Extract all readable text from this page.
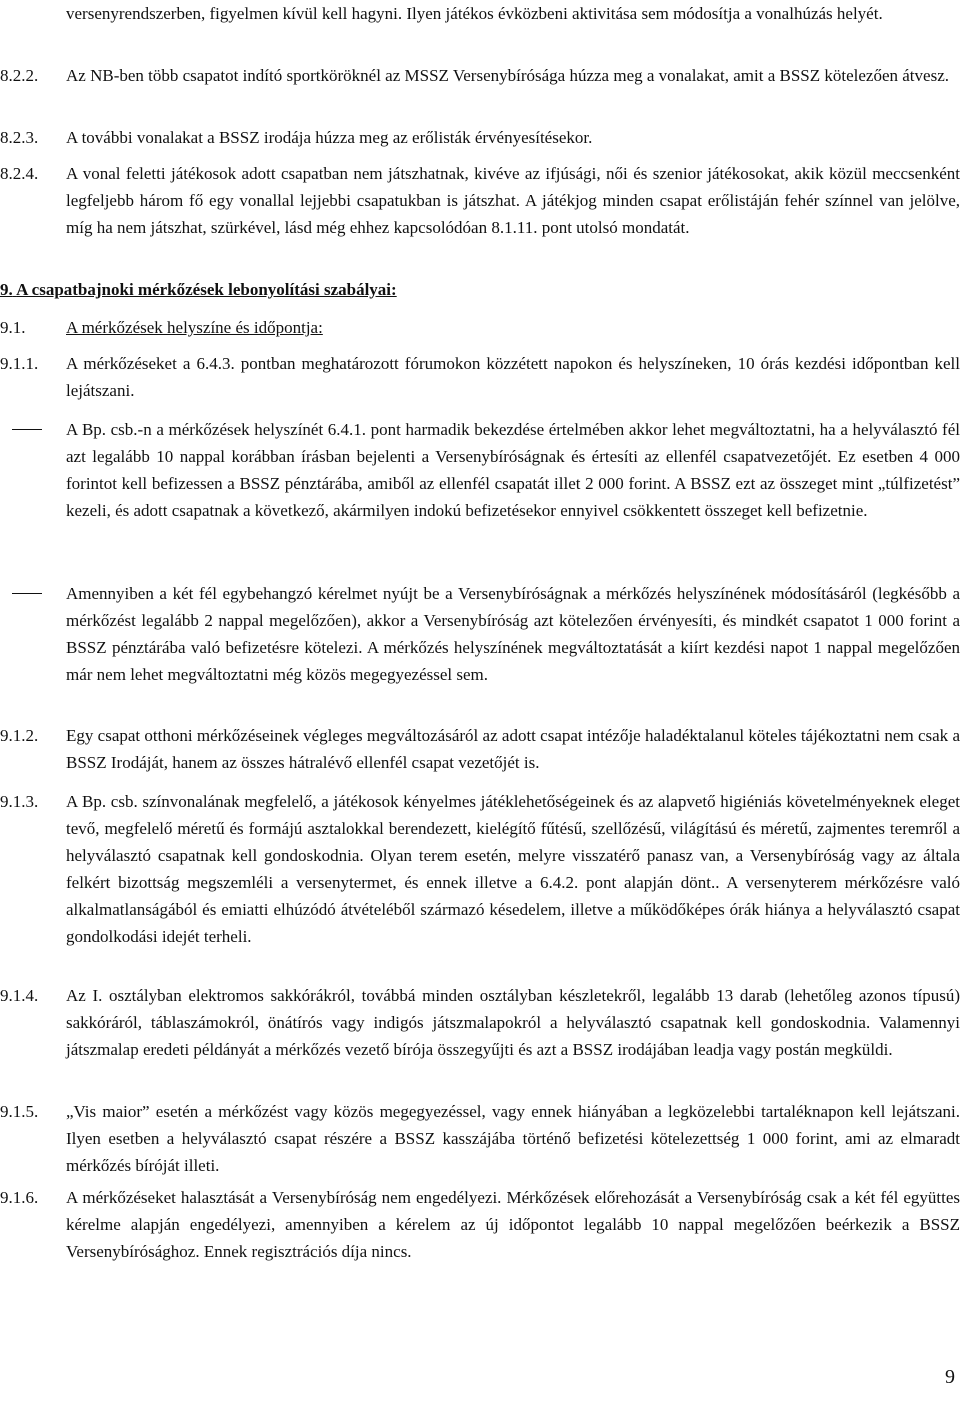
versenyrendszerben, figyelmen kívül kell hagyni. Ilyen játékos évközbeni aktivitása sem módosítja a vonalhúzás helyét.
8.2.2. Az NB-ben több csapatot indító sportköröknél az MSSZ Versenybírósága húzza meg a vonalakat, amit a BSSZ kötelezően átvesz.
8.2.3. A további vonalakat a BSSZ irodája húzza meg az erőlisták érvényesítésekor.
8.2.4. A vonal feletti játékosok adott csapatban nem játszhatnak, kivéve az ifjúsági, női és szenior játékosokat, akik közül meccsenként legfeljebb három fő egy vonallal lejjebbi csapatukban is játszhat. A játékjog minden csapat erőlistáján fehér színnel van jelölve, míg ha nem játszhat, szürkével, lásd még ehhez kapcsolódóan 8.1.11. pont utolsó mondatát.
9. A csapatbajnoki mérkőzések lebonyolítási szabályai:
9.1. A mérkőzések helyszíne és időpontja:
9.1.1. A mérkőzéseket a 6.4.3. pontban meghatározott fórumokon közzétett napokon és helyszíneken, 10 órás kezdési időpontban kell lejátszani.
A Bp. csb.-n a mérkőzések helyszínét 6.4.1. pont harmadik bekezdése értelmében akkor lehet megváltoztatni, ha a helyválasztó fél azt legalább 10 nappal korábban írásban bejelenti a Versenybíróságnak és értesíti az ellenfél csapatvezetőjét. Ez esetben 4 000 forintot kell befizessen a BSSZ pénztárába, amiből az ellenfél csapatát illet 2 000 forint. A BSSZ ezt az összeget mint „túlfizetést” kezeli, és adott csapatnak a következő, akármilyen indokú befizetésekor ennyivel csökkentett összeget kell befizetnie.
Amennyiben a két fél egybehangzó kérelmet nyújt be a Versenybíróságnak a mérkőzés helyszínének módosításáról (legkésőbb a mérkőzést legalább 2 nappal megelőzően), akkor a Versenybíróság azt kötelezően érvényesíti, és mindkét csapatot 1 000 forint a BSSZ pénztárába való befizetésre kötelezi. A mérkőzés helyszínének megváltoztatását a kiírt kezdési napot 1 nappal megelőzően már nem lehet megváltoztatni még közös megegyezéssel sem.
9.1.2. Egy csapat otthoni mérkőzéseinek végleges megváltozásáról az adott csapat intézője haladéktalanul köteles tájékoztatni nem csak a BSSZ Irodáját, hanem az összes hátralévő ellenfél csapat vezetőjét is.
9.1.3. A Bp. csb. színvonalának megfelelő, a játékosok kényelmes játéklehetőségeinek és az alapvető higiéniás követelményeknek eleget tevő, megfelelő méretű és formájú asztalokkal berendezett, kielégítő fűtésű, szellőzésű, világítású és méretű, zajmentes teremről a helyválasztó csapatnak kell gondoskodnia. Olyan terem esetén, melyre visszatérő panasz van, a Versenybíróság vagy az általa felkért bizottság megszemléli a versenytermet, és ennek illetve a 6.4.2. pont alapján dönt.. A versenyterem mérkőzésre való alkalmatlanságából és emiatti elhúzódó átvételéből származó késedelem, illetve a működőképes órák hiánya a helyválasztó csapat gondolkodási idejét terheli.
9.1.4. Az I. osztályban elektromos sakkórákról, továbbá minden osztályban készletekről, legalább 13 darab (lehetőleg azonos típusú) sakkóráról, táblaszámokról, önátírós vagy indigós játszmalapokról a helyválasztó csapatnak kell gondoskodnia. Valamennyi játszmalap eredeti példányát a mérkőzés vezető bírója összegyűjti és azt a BSSZ irodájában leadja vagy postán megküldi.
9.1.5. „Vis maior” esetén a mérkőzést vagy közös megegyezéssel, vagy ennek hiányában a legközelebbi tartaléknapon kell lejátszani. Ilyen esetben a helyválasztó csapat részére a BSSZ kasszájába történő befizetési kötelezettség 1 000 forint, ami az elmaradt mérkőzés bíróját illeti.
9.1.6. A mérkőzéseket halasztását a Versenybíróság nem engedélyezi. Mérkőzések előrehozását a Versenybíróság csak a két fél együttes kérelme alapján engedélyezi, amennyiben a kérelem az új időpontot legalább 10 nappal megelőzően beérkezik a BSSZ Versenybírósághoz. Ennek regisztrációs díja nincs.
9
